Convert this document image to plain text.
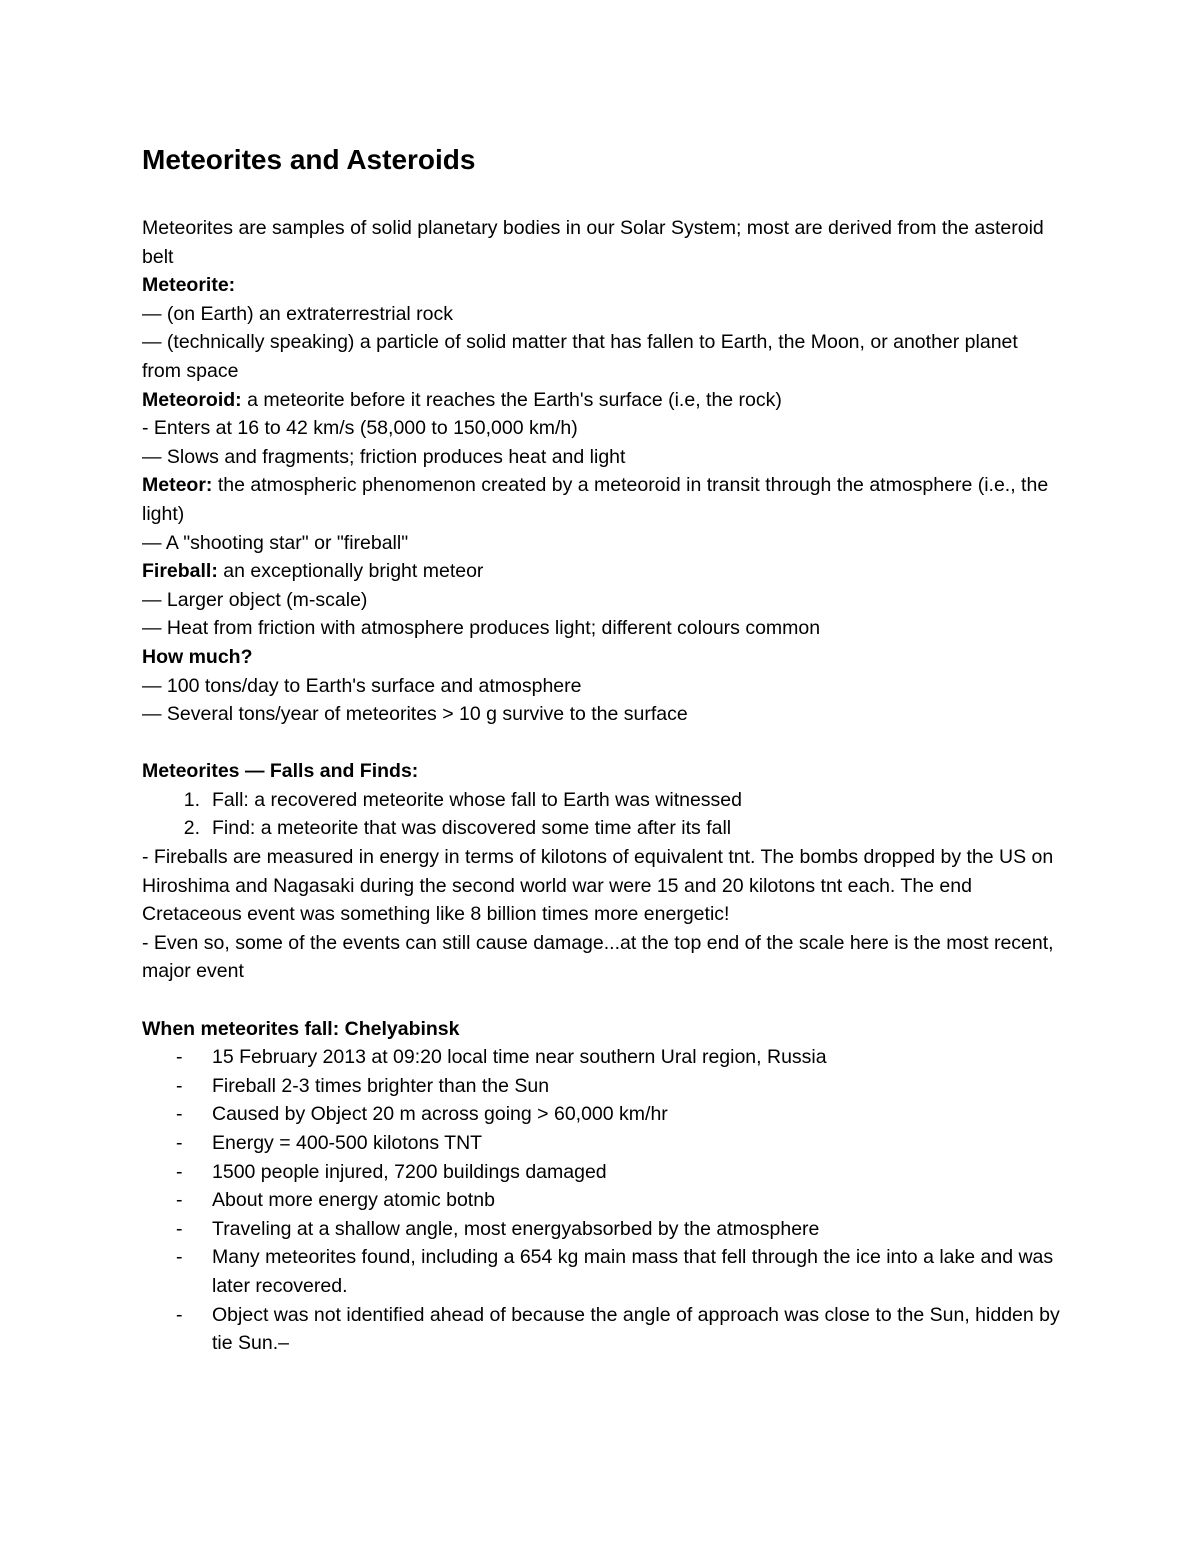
Meteorites and Asteroids

Meteorites are samples of solid planetary bodies in our Solar System; most are derived from the asteroid belt

Meteorite:

— (on Earth) an extraterrestrial rock

— (technically speaking) a particle of solid matter that has fallen to Earth, the Moon, or another planet from space

Meteoroid: a meteorite before it reaches the Earth's surface (i.e, the rock)

- Enters at 16 to 42 km/s (58,000 to 150,000 km/h)

— Slows and fragments; friction produces heat and light

Meteor: the atmospheric phenomenon created by a meteoroid in transit through the atmosphere (i.e., the light)

— A "shooting star" or "fireball"

Fireball: an exceptionally bright meteor

— Larger object (m-scale)

— Heat from friction with atmosphere produces light; different colours common

How much?

— 100 tons/day to Earth's surface and atmosphere

— Several tons/year of meteorites > 10 g survive to the surface

Meteorites — Falls and Finds:

1. Fall: a recovered meteorite whose fall to Earth was witnessed
2. Find: a meteorite that was discovered some time after its fall

- Fireballs are measured in energy in terms of kilotons of equivalent tnt. The bombs dropped by the US on Hiroshima and Nagasaki during the second world war were 15 and 20 kilotons tnt each. The end Cretaceous event was something like 8 billion times more energetic!

- Even so, some of the events can still cause damage...at the top end of the scale here is the most recent, major event

When meteorites fall: Chelyabinsk

- 15 February 2013 at 09:20 local time near southern Ural region, Russia
- Fireball 2-3 times brighter than the Sun
- Caused by Object 20 m across going > 60,000 km/hr
- Energy = 400-500 kilotons TNT
- 1500 people injured, 7200 buildings damaged
- About more energy atomic botnb
- Traveling at a shallow angle, most energyabsorbed by the atmosphere
- Many meteorites found, including a 654 kg main mass that fell through the ice into a lake and was later recovered.
- Object was not identified ahead of because the angle of approach was close to the Sun, hidden by tie Sun.–
